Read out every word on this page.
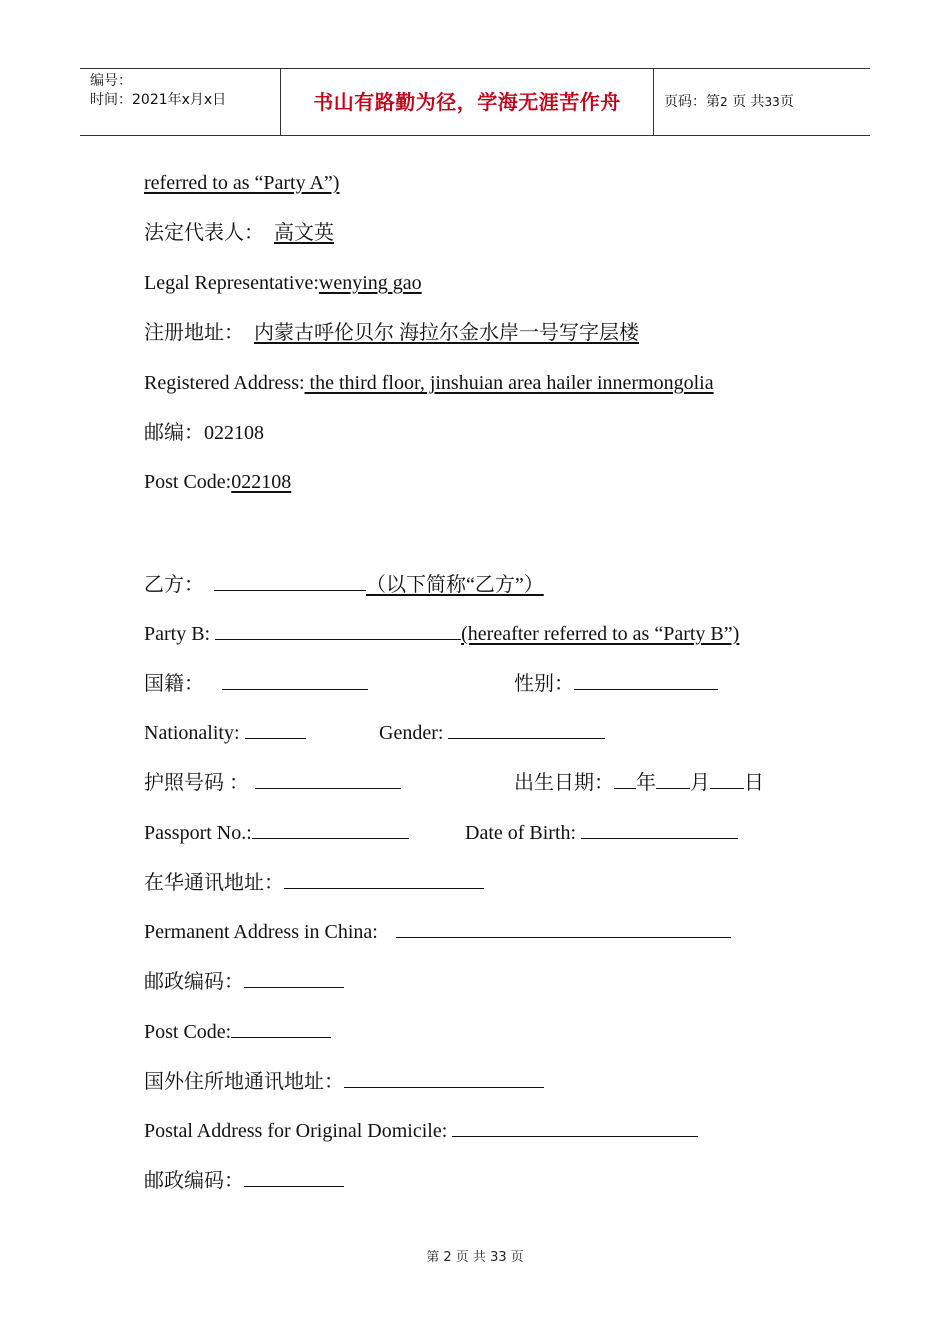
编号：
时间：2021年x月x日	书山有路勤为径，学海无涯苦作舟	页码：第2 页 共33页
referred to as “Party A”)
法定代表人： 高文英
Legal Representative:wenying gao
注册地址： 内蒙古呼伦贝尔 海拉尔金水岸一号写字层楼
Registered Address: the third floor, jinshuian area hailer innermongolia
邮编：022108
Post Code:022108
乙方：	（以下简称“乙方”）
Party B:	(hereafter referred to as “Party B”)
国籍：	性别：
Nationality:	Gender:
护照号码 ：	出生日期： 年 月 日
Passport No.:	Date of Birth:
在华通讯地址：
Permanent Address in China:
邮政编码：
Post Code:
国外住所地通讯地址：
Postal Address for Original Domicile:
邮政编码：
第 2 页 共 33 页
